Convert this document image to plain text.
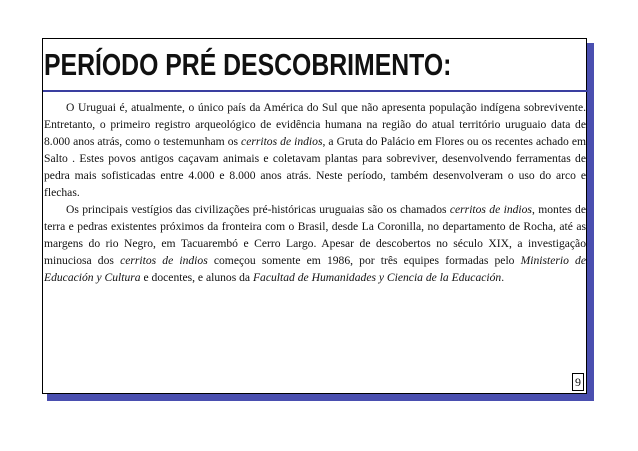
PERÍODO PRÉ DESCOBRIMENTO:

O Uruguai é, atualmente, o único país da América do Sul que não apresenta população indígena sobrevivente. Entretanto, o primeiro registro arqueológico de evidência humana na região do atual território uruguaio data de 8.000 anos atrás, como o testemunham os cerritos de indios, a Gruta do Palácio em Flores ou os recentes achado em Salto . Estes povos antigos caçavam animais e coletavam plantas para sobreviver, desenvolvendo ferramentas de pedra mais sofisticadas entre 4.000 e 8.000 anos atrás. Neste período, também desenvolveram o uso do arco e flechas.

Os principais vestígios das civilizações pré-históricas uruguaias são os chamados cerritos de indios, montes de terra e pedras existentes próximos da fronteira com o Brasil, desde La Coronilla, no departamento de Rocha, até as margens do rio Negro, em Tacuarembó e Cerro Largo. Apesar de descobertos no século XIX, a investigação minuciosa dos cerritos de indios começou somente em 1986, por três equipes formadas pelo Ministerio de Educación y Cultura e docentes, e alunos da Facultad de Humanidades y Ciencia de la Educación.

9
